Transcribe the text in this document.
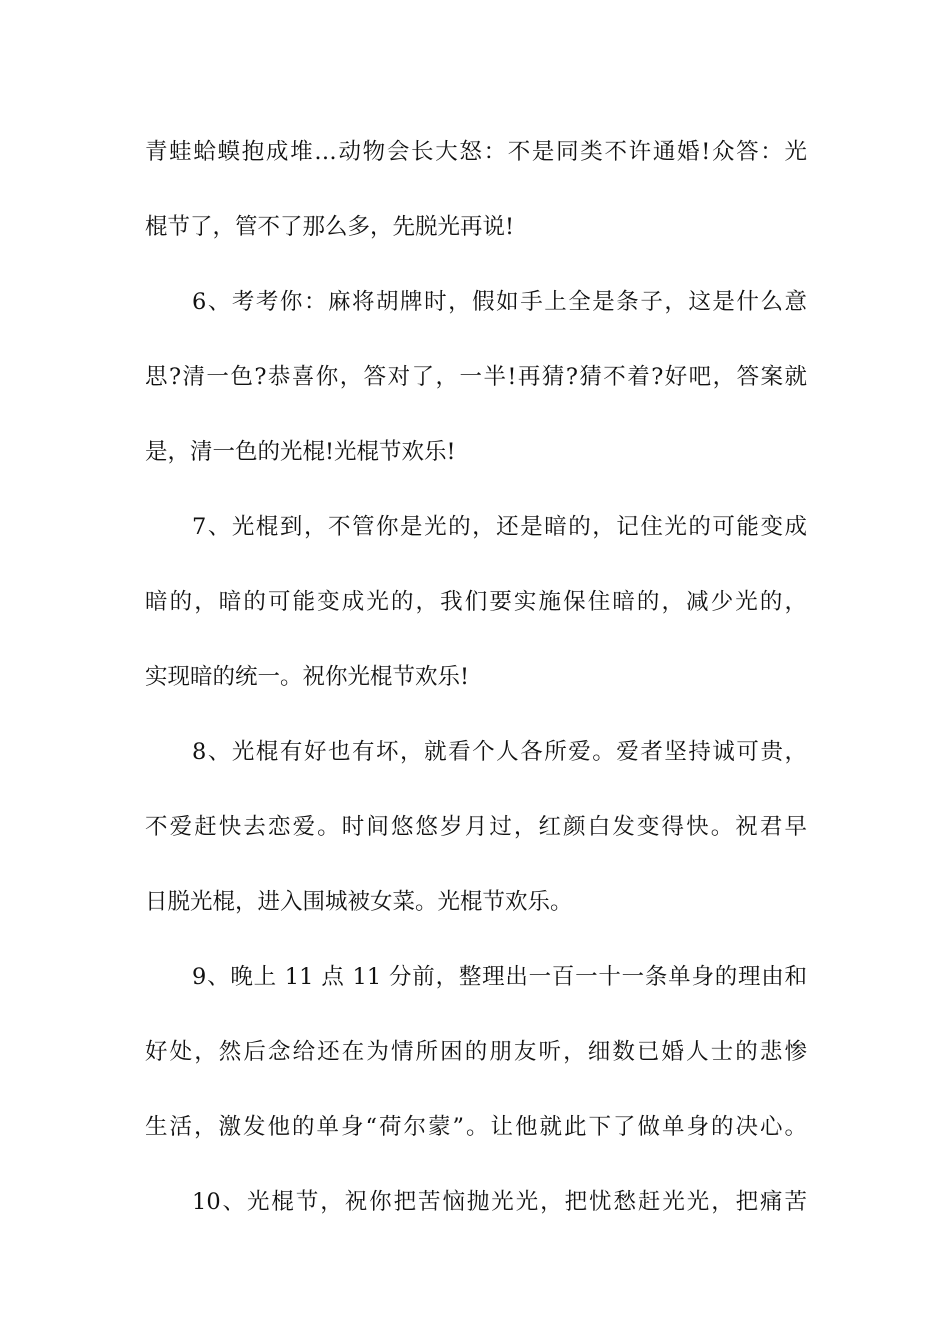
青蛙蛤蟆抱成堆…动物会长大怒：不是同类不许通婚!众答：光
棍节了，管不了那么多，先脱光再说!
6、考考你：麻将胡牌时，假如手上全是条子，这是什么意
思?清一色?恭喜你，答对了，一半!再猜?猜不着?好吧，答案就
是，清一色的光棍!光棍节欢乐!
7、光棍到，不管你是光的，还是暗的，记住光的可能变成
暗的，暗的可能变成光的，我们要实施保住暗的，减少光的，
实现暗的统一。祝你光棍节欢乐!
8、光棍有好也有坏，就看个人各所爱。爱者坚持诚可贵，
不爱赶快去恋爱。时间悠悠岁月过，红颜白发变得快。祝君早
日脱光棍，进入围城被女菜。光棍节欢乐。
9、晚上 11 点 11 分前，整理出一百一十一条单身的理由和
好处，然后念给还在为情所困的朋友听，细数已婚人士的悲惨
生活，激发他的单身“荷尔蒙”。让他就此下了做单身的决心。
10、光棍节，祝你把苦恼抛光光，把忧愁赶光光，把痛苦
